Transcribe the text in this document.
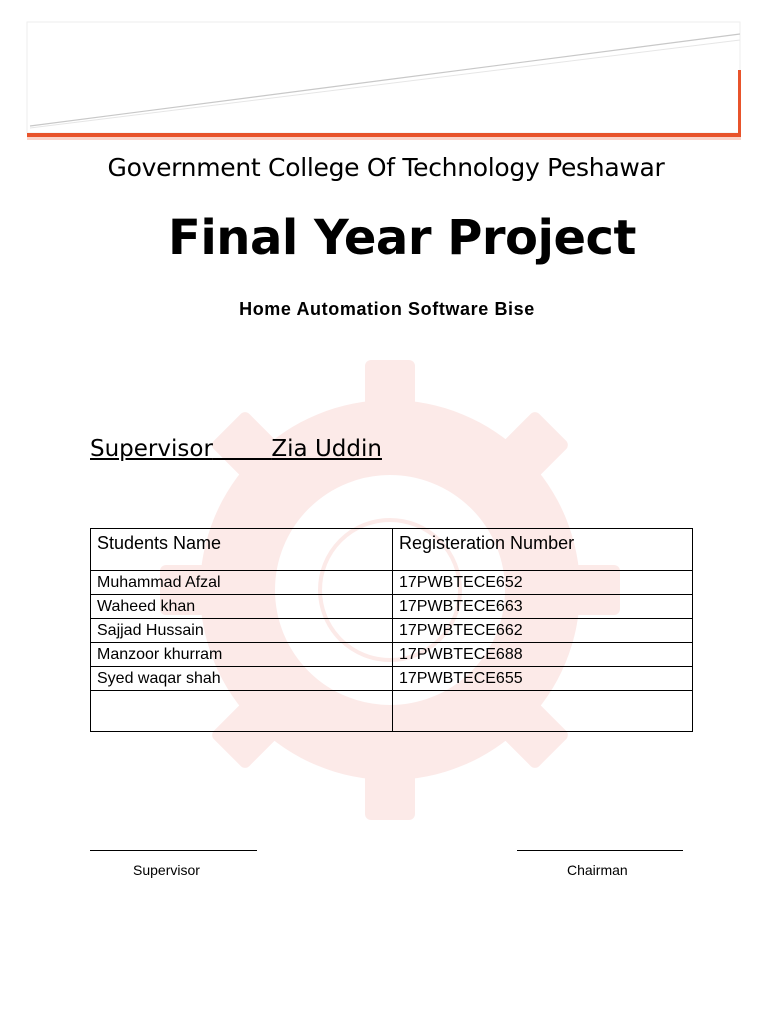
Government College Of Technology Peshawar
Final Year Project
Home Automation Software Bise
Supervisor	Zia Uddin
Students Name	Registeration Number
Muhammad Afzal	17PWBTECE652
Waheed khan	17PWBTECE663
Sajjad Hussain	17PWBTECE662
Manzoor khurram	17PWBTECE688
Syed waqar shah	17PWBTECE655

Supervisor	Chairman
